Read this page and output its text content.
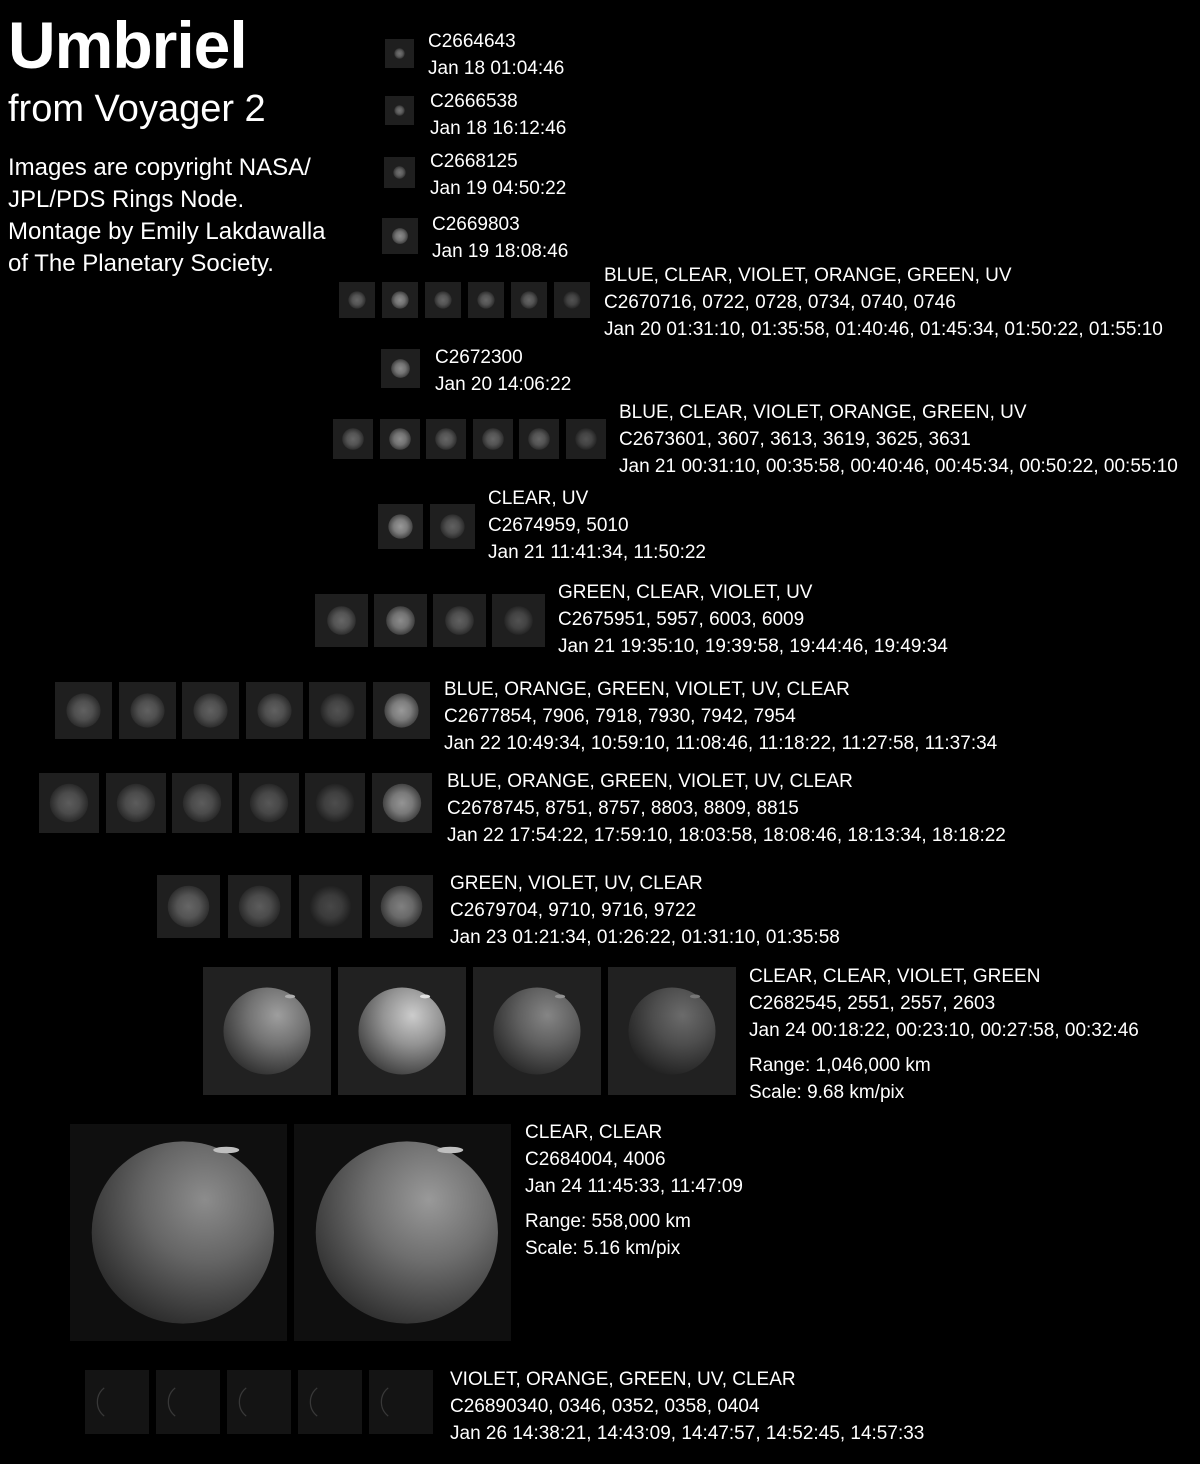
Umbriel
from Voyager 2

Images are copyright NASA/
JPL/PDS Rings Node.
Montage by Emily Lakdawalla
of The Planetary Society.

C2664643
Jan 18 01:04:46
C2666538
Jan 18 16:12:46
C2668125
Jan 19 04:50:22
C2669803
Jan 19 18:08:46
BLUE, CLEAR, VIOLET, ORANGE, GREEN, UV
C2670716, 0722, 0728, 0734, 0740, 0746
Jan 20 01:31:10, 01:35:58, 01:40:46, 01:45:34, 01:50:22, 01:55:10
C2672300
Jan 20 14:06:22
BLUE, CLEAR, VIOLET, ORANGE, GREEN, UV
C2673601, 3607, 3613, 3619, 3625, 3631
Jan 21 00:31:10, 00:35:58, 00:40:46, 00:45:34, 00:50:22, 00:55:10
CLEAR, UV
C2674959, 5010
Jan 21 11:41:34, 11:50:22
GREEN, CLEAR, VIOLET, UV
C2675951, 5957, 6003, 6009
Jan 21 19:35:10, 19:39:58, 19:44:46, 19:49:34
BLUE, ORANGE, GREEN, VIOLET, UV, CLEAR
C2677854, 7906, 7918, 7930, 7942, 7954
Jan 22 10:49:34, 10:59:10, 11:08:46, 11:18:22, 11:27:58, 11:37:34
BLUE, ORANGE, GREEN, VIOLET, UV, CLEAR
C2678745, 8751, 8757, 8803, 8809, 8815
Jan 22 17:54:22, 17:59:10, 18:03:58, 18:08:46, 18:13:34, 18:18:22
GREEN, VIOLET, UV, CLEAR
C2679704, 9710, 9716, 9722
Jan 23 01:21:34, 01:26:22, 01:31:10, 01:35:58
CLEAR, CLEAR, VIOLET, GREEN
C2682545, 2551, 2557, 2603
Jan 24 00:18:22, 00:23:10, 00:27:58, 00:32:46
Range: 1,046,000 km
Scale: 9.68 km/pix
CLEAR, CLEAR
C2684004, 4006
Jan 24 11:45:33, 11:47:09
Range: 558,000 km
Scale: 5.16 km/pix
VIOLET, ORANGE, GREEN, UV, CLEAR
C26890340, 0346, 0352, 0358, 0404
Jan 26 14:38:21, 14:43:09, 14:47:57, 14:52:45, 14:57:33
